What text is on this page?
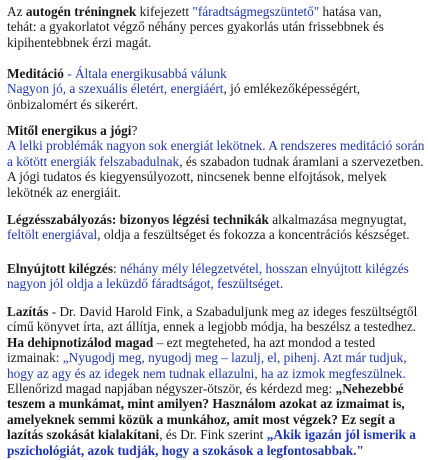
Az autogén tréningnek kifejezett "fáradtságmegszüntető" hatása van,
tehát: a gyakorlatot végző néhány perces gyakorlás után frissebbnek és kipihentebbnek érzi magát.

Meditáció - Általa energikusabbá válunk
Nagyon jó, a szexuális életért, energiáért, jó emlékezőképességért, önbizalomért és sikerért.

Mitől energikus a jógi?
A lelki problémák nagyon sok energiát lekötnek. A rendszeres meditáció során a kötött energiák felszabadulnak, és szabadon tudnak áramlani a szervezetben. A jógi tudatos és kiegyensúlyozott, nincsenek benne elfojtások, melyek lekötnék az energiáit.

Légzésszabályozás: bizonyos légzési technikák alkalmazása megnyugtat, feltölt energiával, oldja a feszültséget és fokozza a koncentrációs készséget.

Elnyújtott kilégzés: néhány mély lélegzetvétel, hosszan elnyújtott kilégzés nagyon jól oldja a leküzdő fáradtságot, feszültséget.

Lazítás - Dr. David Harold Fink, a Szabaduljunk meg az ideges feszültségtől című könyvet írta, azt állítja, ennek a legjobb módja, ha beszélsz a testedhez.
Ha dehipnotizálod magad – ezt megteheted, ha azt mondod a tested izmainak: „Nyugodj meg, nyugodj meg – lazulj, el, pihenj. Azt már tudjuk, hogy az agy és az idegek nem tudnak ellazulni, ha az izmok megfeszülnek. Ellenőrizd magad napjában négyszer-ötször, és kérdezd meg: „Nehezebbé teszem a munkámat, mint amilyen? Használom azokat az izmaimat is, amelyeknek semmi közük a munkához, amit most végzek? Ez segít a lazítás szokását kialakítani, és Dr. Fink szerint „Akik igazán jól ismerik a pszichológiát, azok tudják, hogy a szokások a legfontosabbak."
